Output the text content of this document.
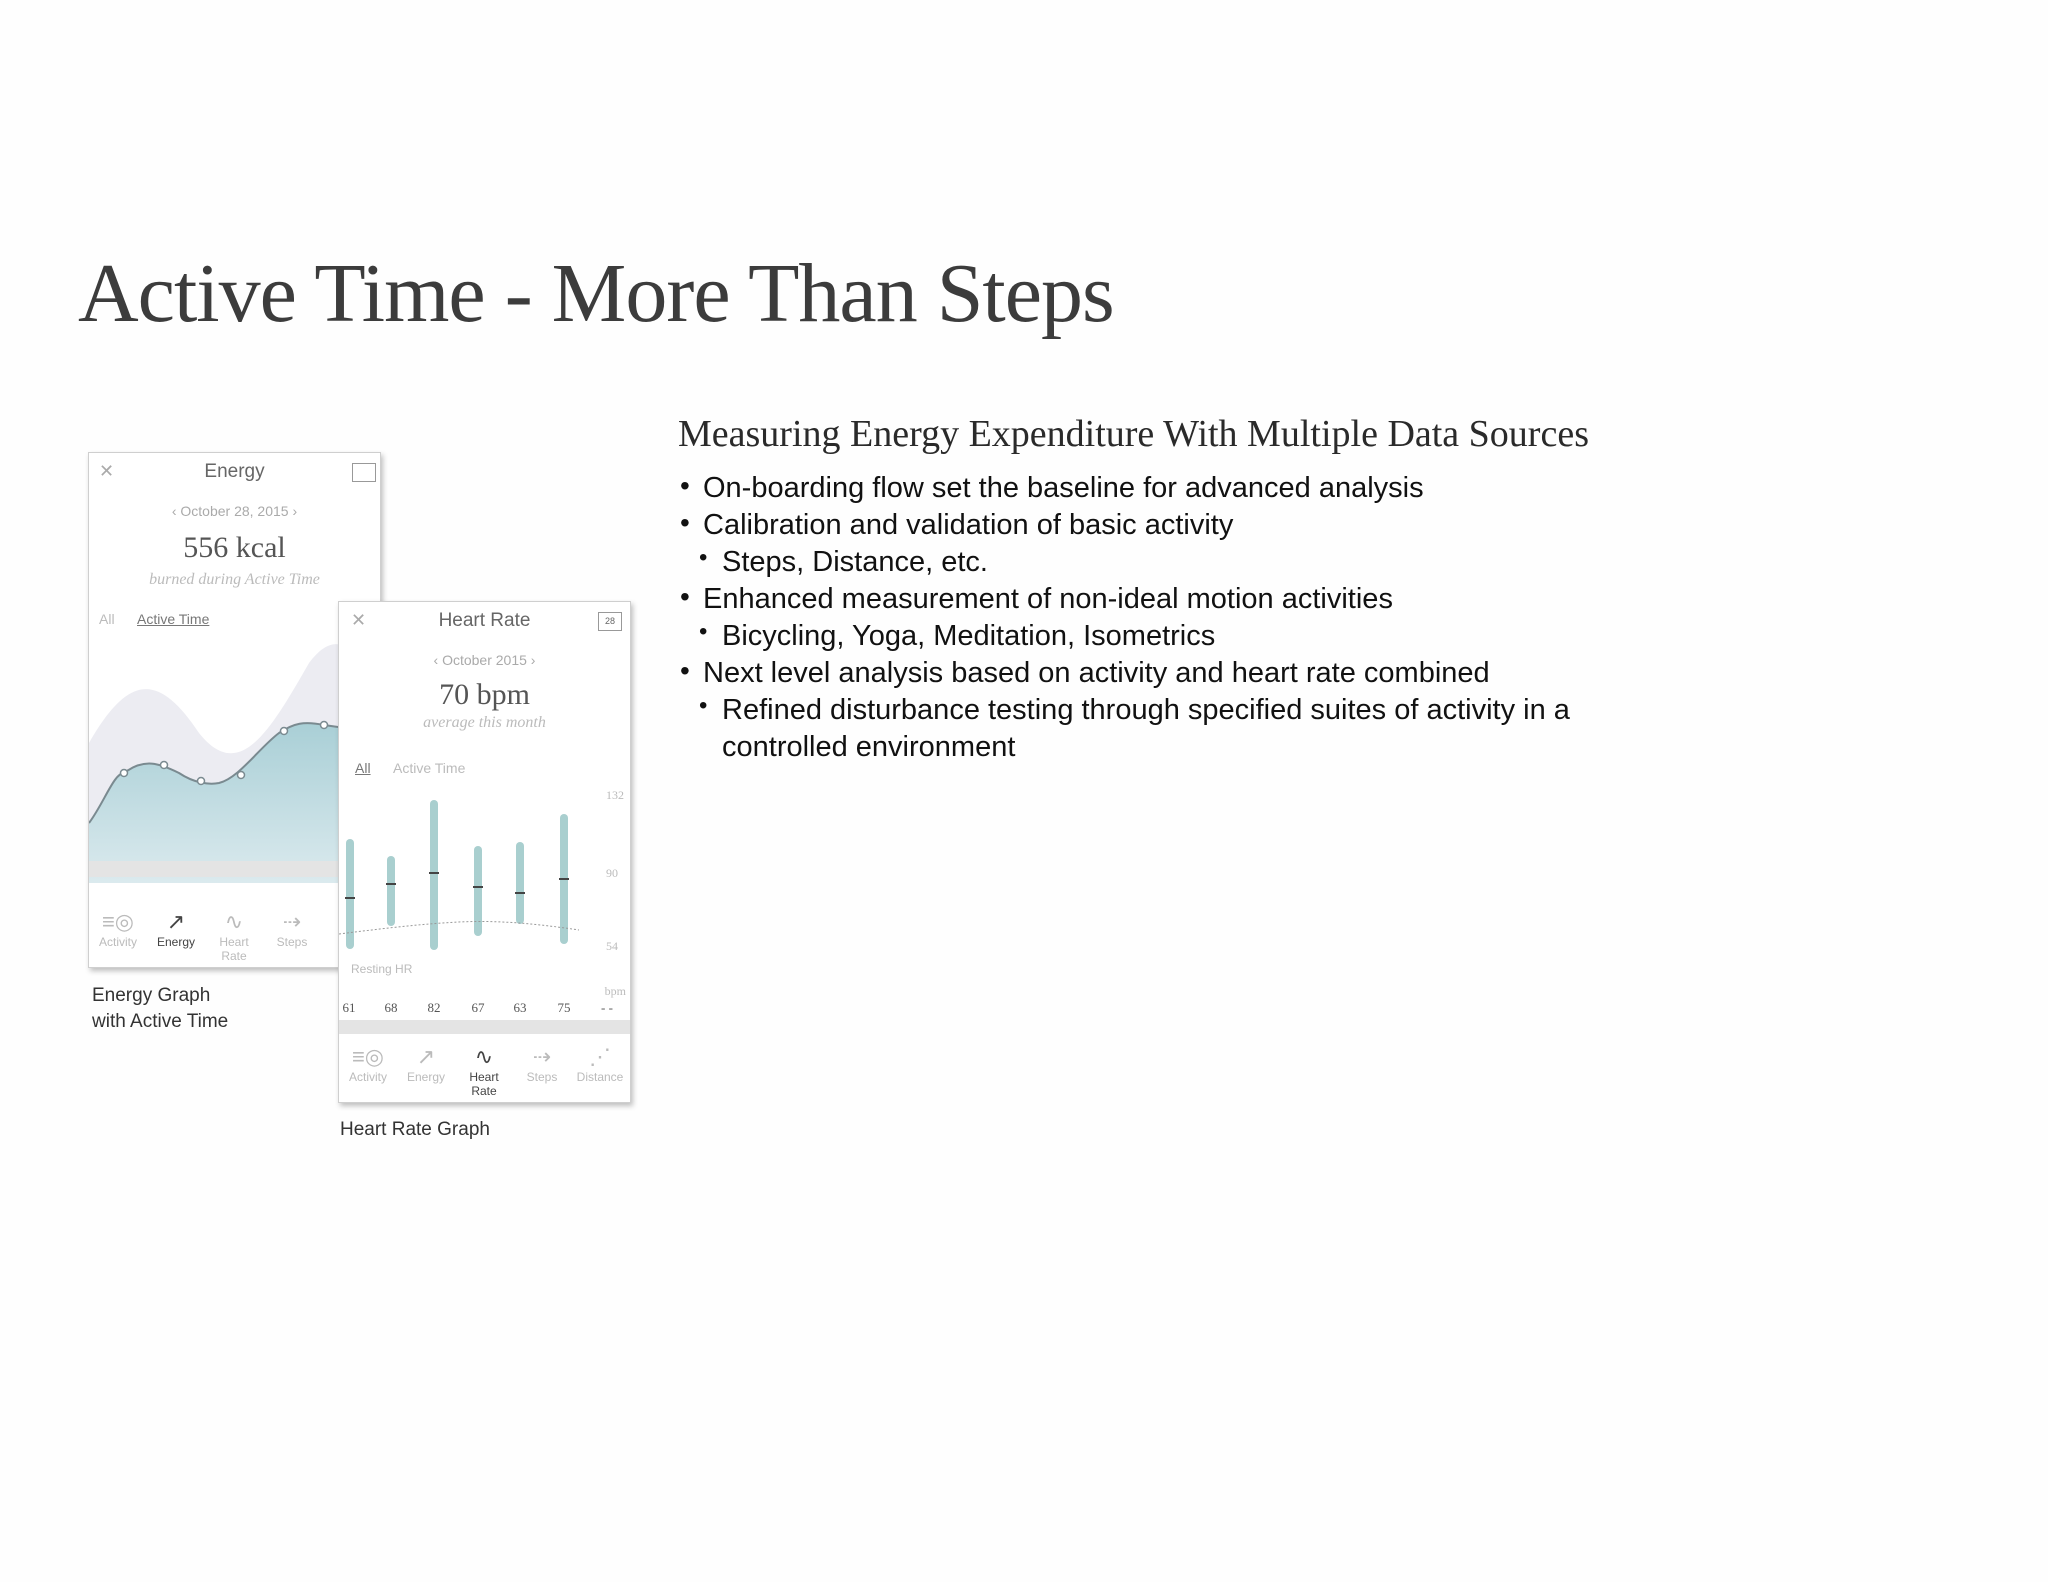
Active Time - More Than Steps
Measuring Energy Expenditure With Multiple Data Sources
• On-boarding flow set the baseline for advanced analysis
• Calibration and validation of basic activity
• Steps, Distance, etc.
• Enhanced measurement of non-ideal motion activities
• Bicycling, Yoga, Meditation, Isometrics
• Next level analysis based on activity and heart rate combined
• Refined disturbance testing through specified suites of activity in a controlled environment
✕	Energy
‹ October 28, 2015 ›
556 kcal
burned during Active Time
All Active Time
≡◎
Activity
↗
Energy
∿
Heart Rate
⇢
Steps
Energy Graph
with Active Time
✕	Heart Rate	28
‹ October 2015 ›
70 bpm
average this month
All Active Time
132
90
54
bpm
Resting HR
61	68	82	67	63	75	- -
≡◎
Activity
↗
Energy
∿
Heart Rate
⇢
Steps
⋰
Distance
Heart Rate Graph
